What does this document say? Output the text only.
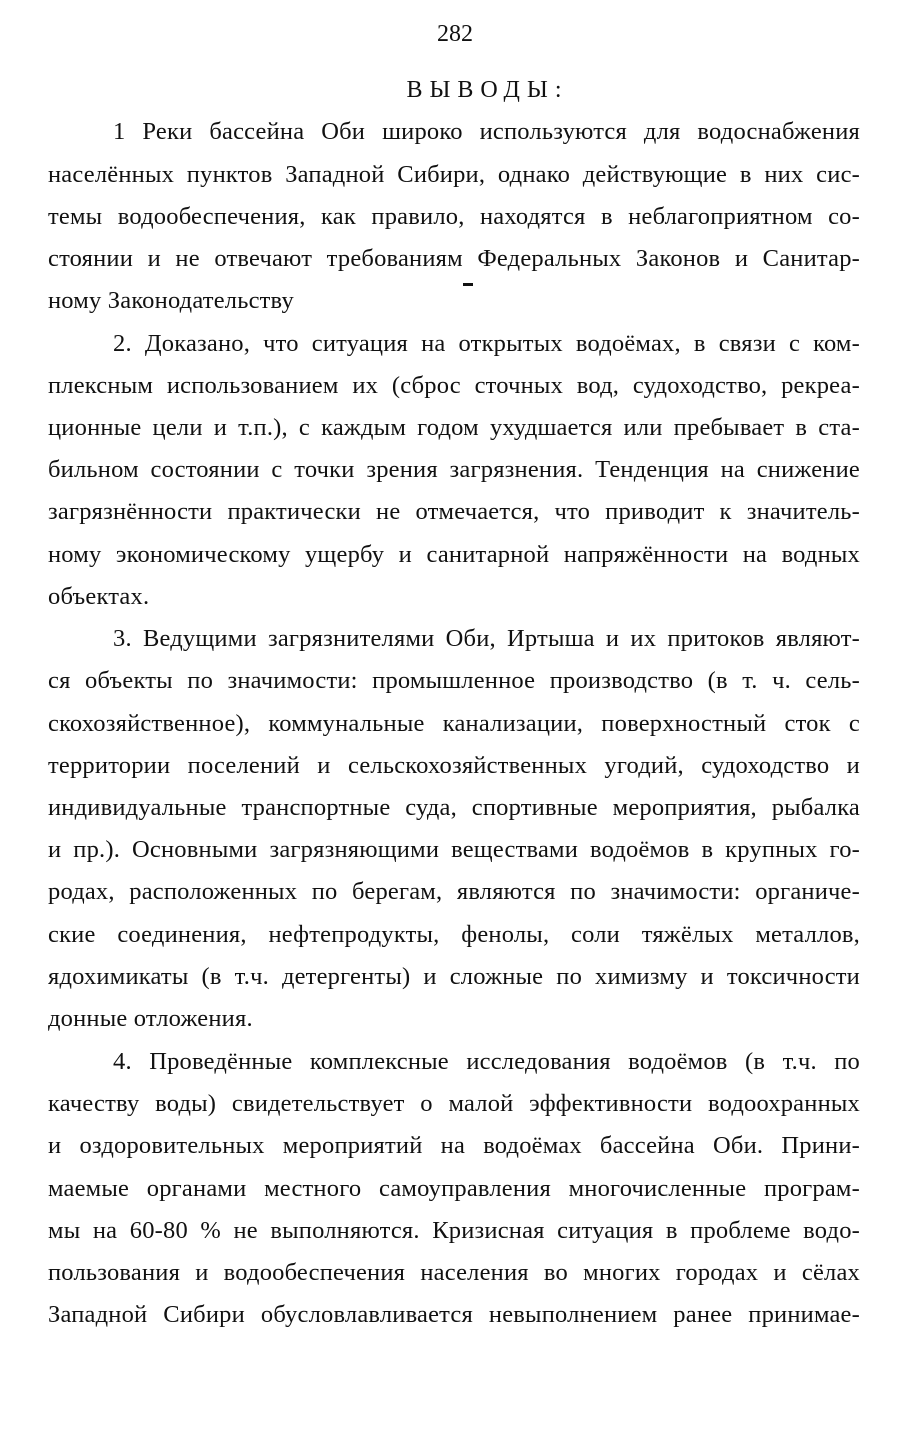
282
ВЫВОДЫ:
1 Реки бассейна Оби широко используются для водоснабжения
населённых пунктов Западной Сибири, однако действующие в них сис-
темы водообеспечения, как правило, находятся в неблагоприятном со-
стоянии и не отвечают требованиям Федеральных Законов и Санитар-
ному Законодательству
2. Доказано, что ситуация на открытых водоёмах, в связи с ком-
плексным использованием их (сброс сточных вод, судоходство, рекреа-
ционные цели и т.п.), с каждым годом ухудшается или пребывает в ста-
бильном состоянии с точки зрения загрязнения. Тенденция на снижение
загрязнённости практически не отмечается, что приводит к значитель-
ному экономическому ущербу и санитарной напряжённости на водных
объектах.
3. Ведущими загрязнителями Оби, Иртыша и их притоков являют-
ся объекты по значимости: промышленное производство (в т. ч. сель-
скохозяйственное), коммунальные канализации, поверхностный сток с
территории поселений и сельскохозяйственных угодий, судоходство и
индивидуальные транспортные суда, спортивные мероприятия, рыбалка
и пр.). Основными загрязняющими веществами водоёмов в крупных го-
родах, расположенных по берегам, являются по значимости: органиче-
ские соединения, нефтепродукты, фенолы, соли тяжёлых металлов,
ядохимикаты (в т.ч. детергенты) и сложные по химизму и токсичности
донные отложения.
4. Проведённые комплексные исследования водоёмов (в т.ч. по
качеству воды) свидетельствует о малой эффективности водоохранных
и оздоровительных мероприятий на водоёмах бассейна Оби. Прини-
маемые органами местного самоуправления многочисленные програм-
мы на 60-80 % не выполняются. Кризисная ситуация в проблеме водо-
пользования и водообеспечения населения во многих городах и сёлах
Западной Сибири обусловлавливается невыполнением ранее принимае-
